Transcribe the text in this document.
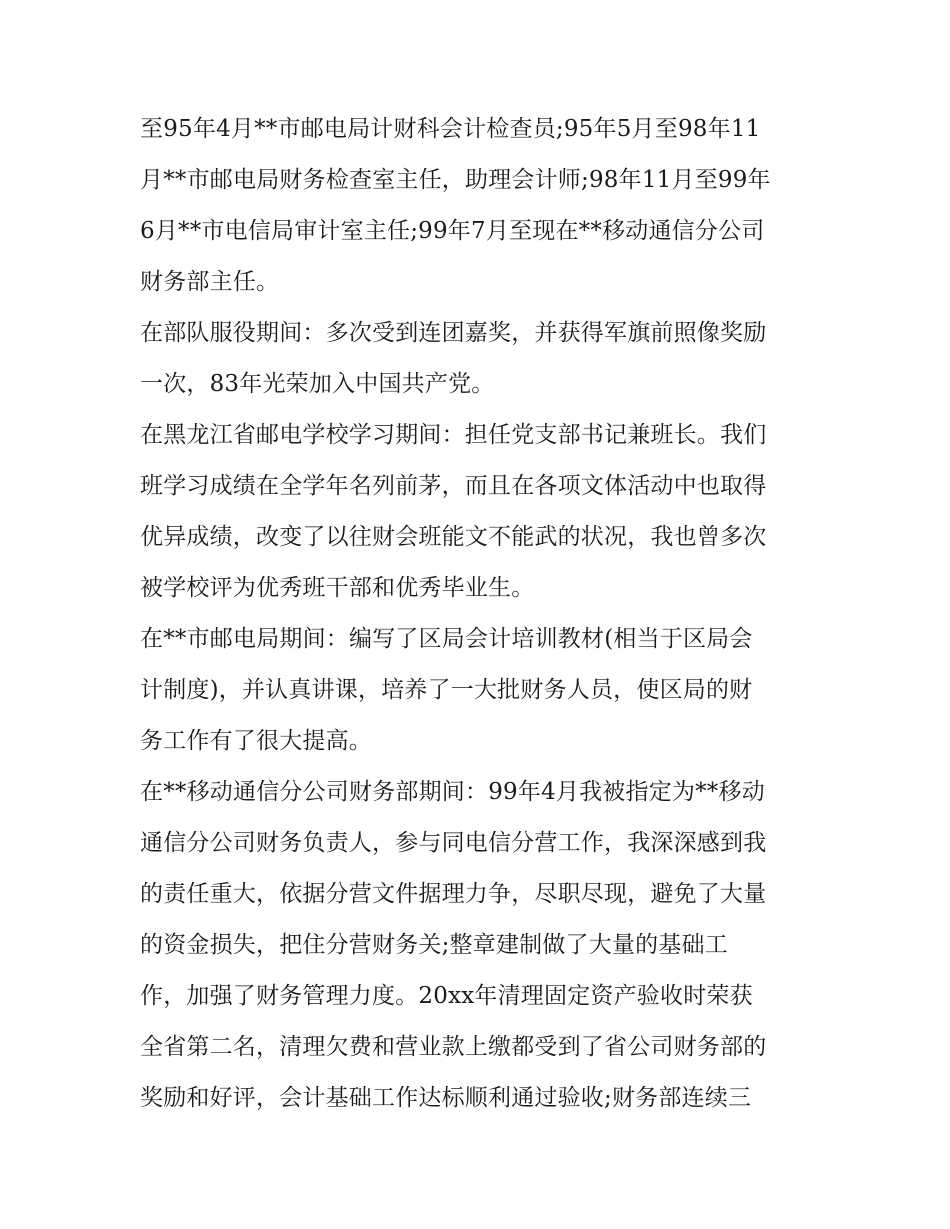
至95年4月**市邮电局计财科会计检查员;95年5月至98年11
月**市邮电局财务检查室主任，助理会计师;98年11月至99年
6月**市电信局审计室主任;99年7月至现在**移动通信分公司
财务部主任。
在部队服役期间：多次受到连团嘉奖，并获得军旗前照像奖励
一次，83年光荣加入中国共产党。
在黑龙江省邮电学校学习期间：担任党支部书记兼班长。我们
班学习成绩在全学年名列前茅，而且在各项文体活动中也取得
优异成绩，改变了以往财会班能文不能武的状况，我也曾多次
被学校评为优秀班干部和优秀毕业生。
在**市邮电局期间：编写了区局会计培训教材(相当于区局会
计制度)，并认真讲课，培养了一大批财务人员，使区局的财
务工作有了很大提高。
在**移动通信分公司财务部期间：99年4月我被指定为**移动
通信分公司财务负责人，参与同电信分营工作，我深深感到我
的责任重大，依据分营文件据理力争，尽职尽现，避免了大量
的资金损失，把住分营财务关;整章建制做了大量的基础工
作，加强了财务管理力度。20xx年清理固定资产验收时荣获
全省第二名，清理欠费和营业款上缴都受到了省公司财务部的
奖励和好评，会计基础工作达标顺利通过验收;财务部连续三
